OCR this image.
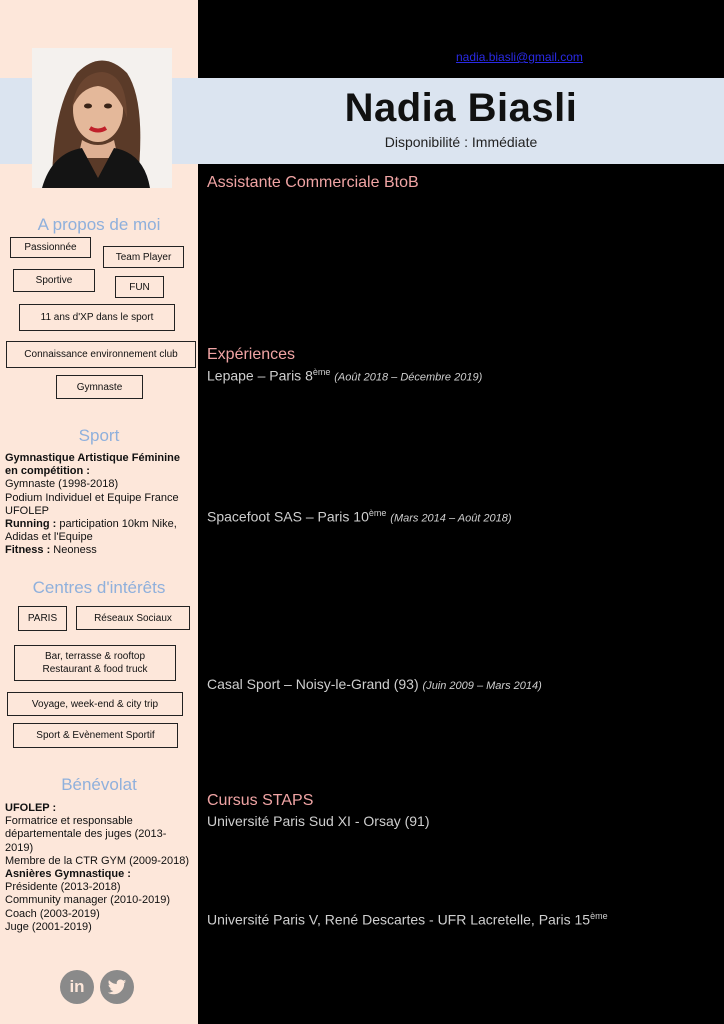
nadia.biasli@gmail.com
Nadia Biasli
Disponibilité : Immédiate
A propos de moi
Passionnée
Team Player
Sportive
FUN
11 ans d'XP dans le sport
Connaissance environnement club
Gymnaste
Sport
Gymnastique Artistique Féminine en compétition :
Gymnaste (1998-2018)
Podium Individuel et Equipe France UFOLEP
Running : participation 10km Nike, Adidas et l'Equipe
Fitness : Neoness
Centres d'intérêts
PARIS	Réseaux Sociaux
Bar, terrasse & rooftop
Restaurant & food truck
Voyage, week-end & city trip
Sport & Evènement Sportif
Bénévolat
UFOLEP :
Formatrice et responsable départementale des juges (2013-2019)
Membre de la CTR GYM (2009-2018)
Asnières Gymnastique :
Présidente (2013-2018)
Community manager (2010-2019)
Coach (2003-2019)
Juge (2001-2019)
in
Assistante Commerciale BtoB
Expériences
Lepape – Paris 8ème (Août 2018 – Décembre 2019)
Spacefoot SAS – Paris 10ème (Mars 2014 – Août 2018)
Casal Sport – Noisy-le-Grand (93) (Juin 2009 – Mars 2014)
Cursus STAPS
Université Paris Sud XI - Orsay (91)
Université Paris V, René Descartes - UFR Lacretelle, Paris 15ème
